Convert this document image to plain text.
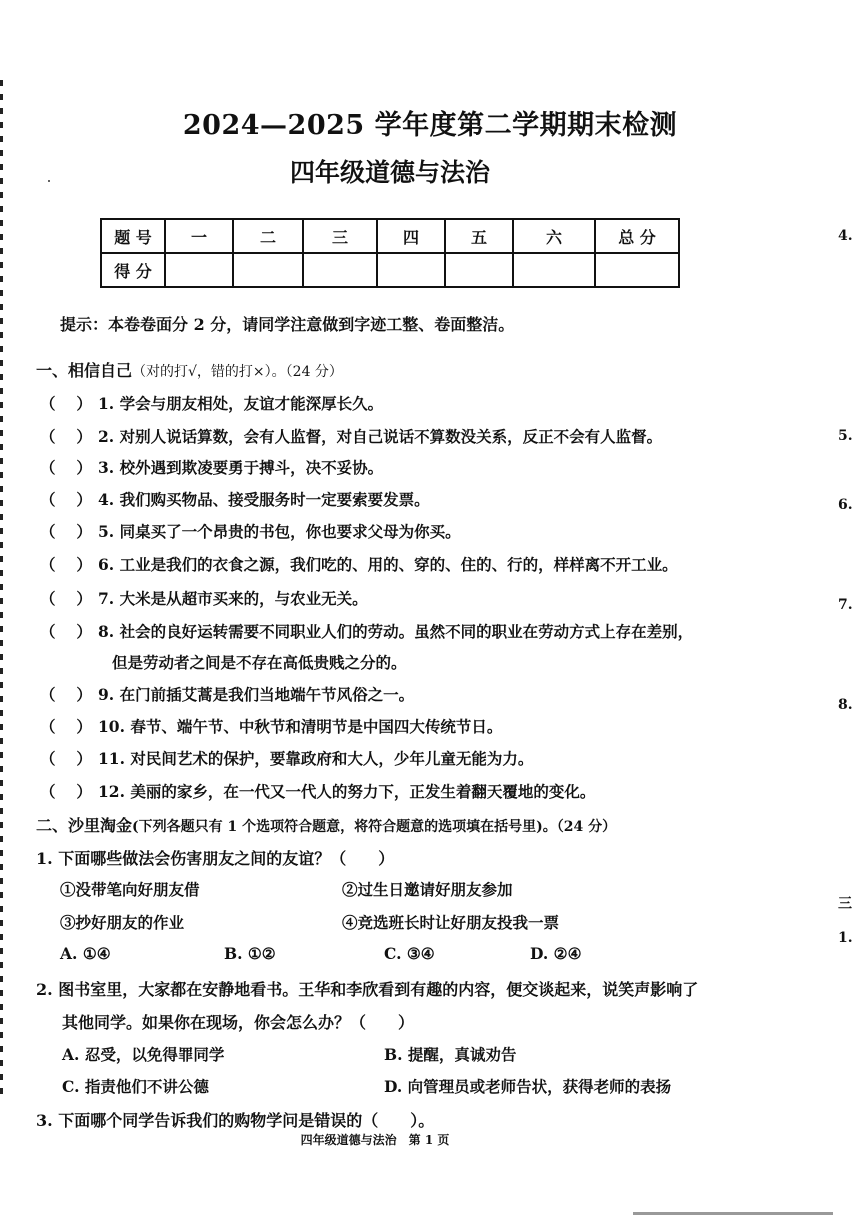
2024—2025 学年度第二学期期末检测
四年级道德与法治
题 号	一	二	三	四	五	六	总 分
得 分							
提示：本卷卷面分 2 分，请同学注意做到字迹工整、卷面整洁。
一、相信自己（对的打√，错的打×）。（24 分）
（　 ） 1. 学会与朋友相处，友谊才能深厚长久。
（　 ） 2. 对别人说话算数，会有人监督，对自己说话不算数没关系，反正不会有人监督。
（　 ） 3. 校外遇到欺凌要勇于搏斗，决不妥协。
（　 ） 4. 我们购买物品、接受服务时一定要索要发票。
（　 ） 5. 同桌买了一个昂贵的书包，你也要求父母为你买。
（　 ） 6. 工业是我们的衣食之源，我们吃的、用的、穿的、住的、行的，样样离不开工业。
（　 ） 7. 大米是从超市买来的，与农业无关。
（　 ） 8. 社会的良好运转需要不同职业人们的劳动。虽然不同的职业在劳动方式上存在差别，
但是劳动者之间是不存在高低贵贱之分的。
（　 ） 9. 在门前插艾蒿是我们当地端午节风俗之一。
（　 ） 10. 春节、端午节、中秋节和清明节是中国四大传统节日。
（　 ） 11. 对民间艺术的保护，要靠政府和大人，少年儿童无能为力。
（　 ） 12. 美丽的家乡，在一代又一代人的努力下，正发生着翻天覆地的变化。
二、沙里淘金(下列各题只有 1 个选项符合题意，将符合题意的选项填在括号里)。（24 分）
1. 下面哪些做法会伤害朋友之间的友谊？（　　）
①没带笔向好朋友借	②过生日邀请好朋友参加
③抄好朋友的作业	④竞选班长时让好朋友投我一票
A. ①④	B. ①②	C. ③④	D. ②④
2. 图书室里，大家都在安静地看书。王华和李欣看到有趣的内容，便交谈起来，说笑声影响了
其他同学。如果你在现场，你会怎么办？（　　）
A. 忍受，以免得罪同学	B. 提醒，真诚劝告
C. 指责他们不讲公德	D. 向管理员或老师告状，获得老师的表扬
3. 下面哪个同学告诉我们的购物学问是错误的（　　）。
四年级道德与法治　第 1 页
4.
5.
6.
7.
8.
三
1.
